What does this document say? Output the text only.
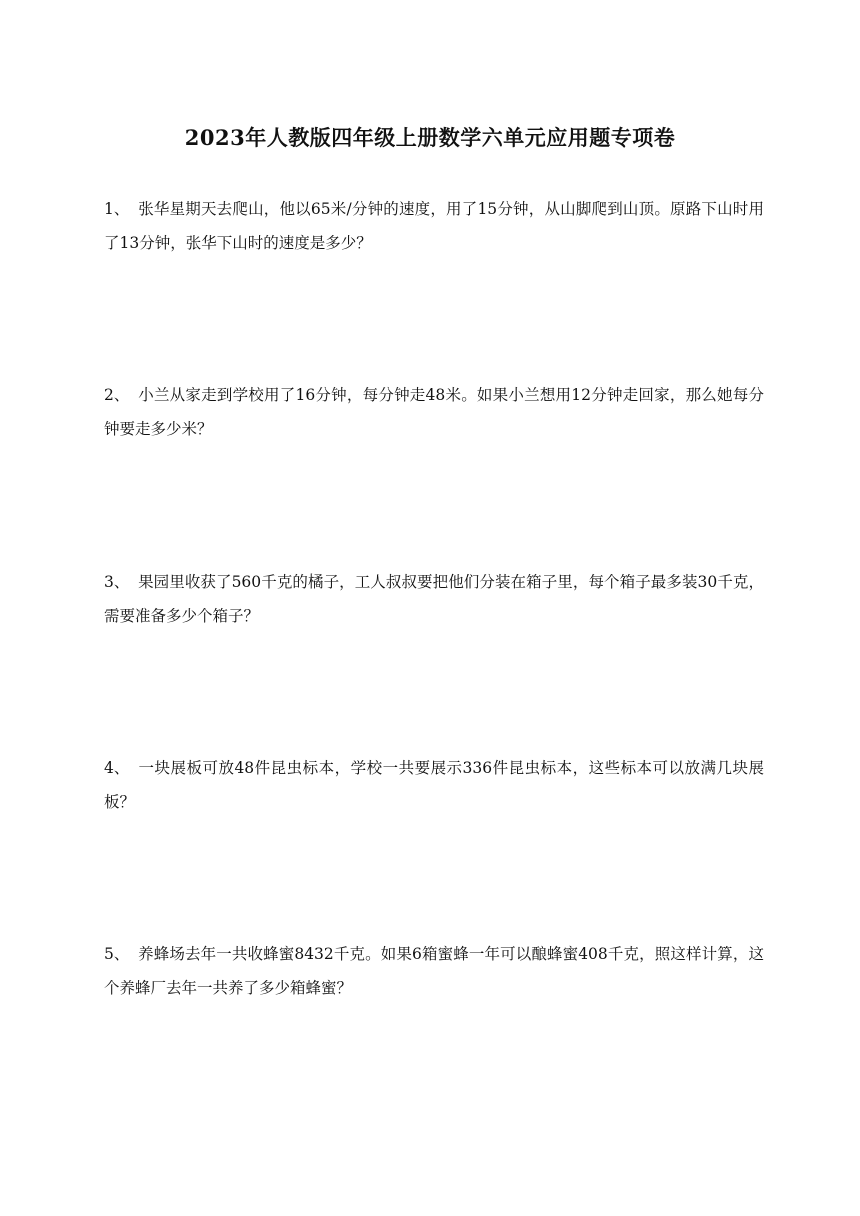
2023年人教版四年级上册数学六单元应用题专项卷
1、 张华星期天去爬山，他以65米/分钟的速度，用了15分钟，从山脚爬到山顶。原路下山时用了13分钟，张华下山时的速度是多少？
2、 小兰从家走到学校用了16分钟，每分钟走48米。如果小兰想用12分钟走回家，那么她每分钟要走多少米？
3、 果园里收获了560千克的橘子，工人叔叔要把他们分装在箱子里，每个箱子最多装30千克，需要准备多少个箱子？
4、 一块展板可放48件昆虫标本，学校一共要展示336件昆虫标本，这些标本可以放满几块展板？
5、 养蜂场去年一共收蜂蜜8432千克。如果6箱蜜蜂一年可以酿蜂蜜408千克，照这样计算，这个养蜂厂去年一共养了多少箱蜂蜜？
